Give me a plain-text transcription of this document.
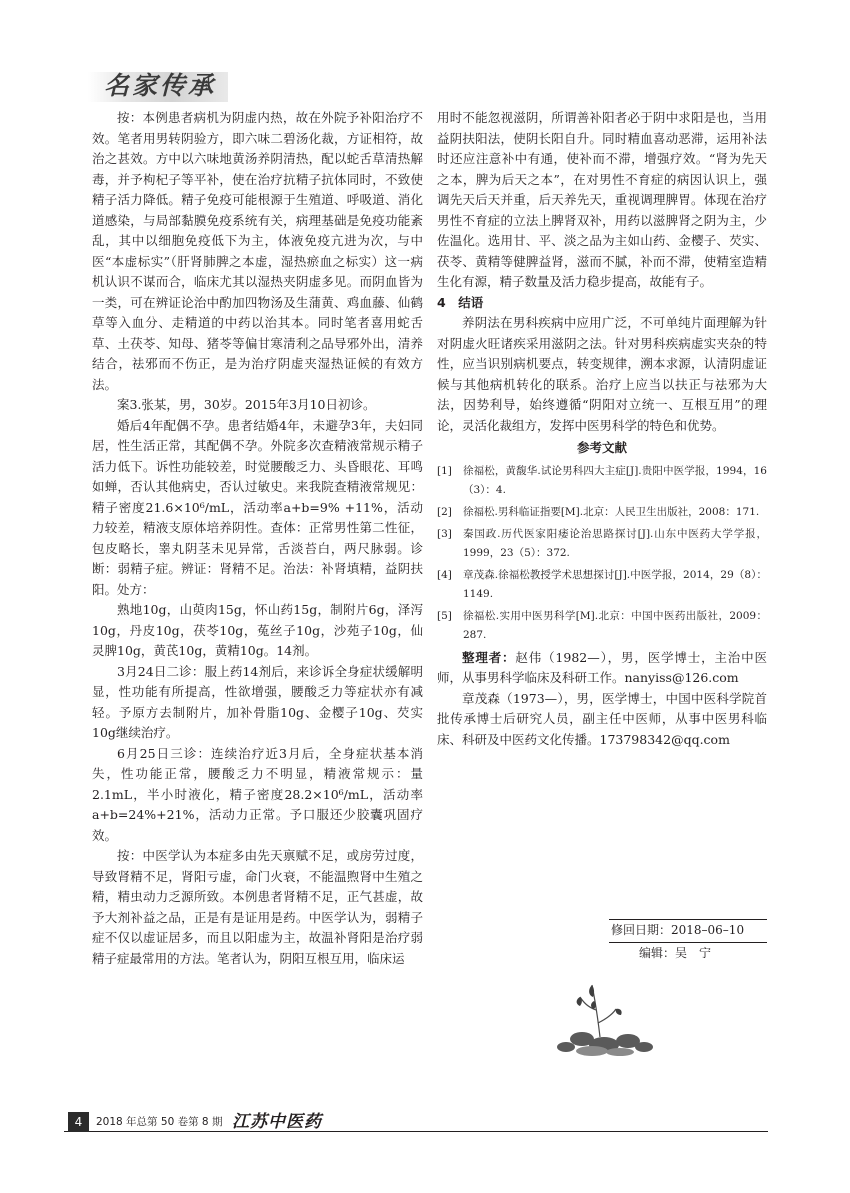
名家传承

按：本例患者病机为阴虚内热，故在外院予补阳治疗不效。笔者用男转阴验方，即六味二碧汤化裁，方证相符，故治之甚效。方中以六味地黄汤养阴清热，配以蛇舌草清热解毒，并予枸杞子等平补，使在治疗抗精子抗体同时，不致使精子活力降低。精子免疫可能根源于生殖道、呼吸道、消化道感染，与局部黏膜免疫系统有关，病理基础是免疫功能紊乱，其中以细胞免疫低下为主，体液免疫亢进为次，与中医“本虚标实”（肝肾肺脾之本虚，湿热瘀血之标实）这一病机认识不谋而合，临床尤其以湿热夹阴虚多见。而阴血皆为一类，可在辨证论治中酌加四物汤及生蒲黄、鸡血藤、仙鹤草等入血分、走精道的中药以治其本。同时笔者喜用蛇舌草、土茯苓、知母、猪苓等偏甘寒清利之品导邪外出，清养结合，祛邪而不伤正，是为治疗阴虚夹湿热证候的有效方法。

案3.张某，男，30岁。2015年3月10日初诊。

婚后4年配偶不孕。患者结婚4年，未避孕3年，夫妇同居，性生活正常，其配偶不孕。外院多次查精液常规示精子活力低下。诉性功能较差，时觉腰酸乏力、头昏眼花、耳鸣如蝉，否认其他病史，否认过敏史。来我院查精液常规见：精子密度21.6×10⁶/mL，活动率a+b=9% +11%，活动力较差，精液支原体培养阴性。查体：正常男性第二性征，包皮略长，睾丸阴茎未见异常，舌淡苔白，两尺脉弱。诊断：弱精子症。辨证：肾精不足。治法：补肾填精，益阴扶阳。处方：

熟地10g，山萸肉15g，怀山药15g，制附片6g，泽泻10g，丹皮10g，茯苓10g，菟丝子10g，沙苑子10g，仙灵脾10g，黄芪10g，黄精10g。14剂。

3月24日二诊：服上药14剂后，来诊诉全身症状缓解明显，性功能有所提高，性欲增强，腰酸乏力等症状亦有减轻。予原方去制附片，加补骨脂10g、金樱子10g、芡实10g继续治疗。

6月25日三诊：连续治疗近3月后，全身症状基本消失，性功能正常，腰酸乏力不明显，精液常规示：量2.1mL，半小时液化，精子密度28.2×10⁶/mL，活动率a+b=24%+21%，活动力正常。予口服还少胶囊巩固疗效。

按：中医学认为本症多由先天禀赋不足，或房劳过度，导致肾精不足，肾阳亏虚，命门火衰，不能温煦肾中生殖之精，精虫动力乏源所致。本例患者肾精不足，正气甚虚，故予大剂补益之品，正是有是证用是药。中医学认为，弱精子症不仅以虚证居多，而且以阳虚为主，故温补肾阳是治疗弱精子症最常用的方法。笔者认为，阴阳互根互用，临床运

用时不能忽视滋阴，所谓善补阳者必于阴中求阳是也，当用益阴扶阳法，使阴长阳自升。同时精血喜动恶滞，运用补法时还应注意补中有通，使补而不滞，增强疗效。“肾为先天之本，脾为后天之本”，在对男性不育症的病因认识上，强调先天后天并重，后天养先天，重视调理脾胃。体现在治疗男性不育症的立法上脾肾双补，用药以滋脾肾之阴为主，少佐温化。选用甘、平、淡之品为主如山药、金樱子、芡实、茯苓、黄精等健脾益肾，滋而不腻，补而不滞，使精室造精生化有源，精子数量及活力稳步提高，故能有子。

4　结语

养阴法在男科疾病中应用广泛，不可单纯片面理解为针对阴虚火旺诸疾采用滋阴之法。针对男科疾病虚实夹杂的特性，应当识别病机要点，转变规律，溯本求源，认清阴虚证候与其他病机转化的联系。治疗上应当以扶正与祛邪为大法，因势利导，始终遵循“阴阳对立统一、互根互用”的理论，灵活化裁组方，发挥中医男科学的特色和优势。

参考文献

[1]	徐福松，黄馥华.试论男科四大主症[J].贵阳中医学报，1994，16（3）：4.
[2]	徐福松.男科临证指要[M].北京：人民卫生出版社，2008：171.
[3]	秦国政.历代医家阳痿论治思路探讨[J].山东中医药大学学报，1999，23（5）：372.
[4]	章茂森.徐福松教授学术思想探讨[J].中医学报，2014，29（8）：1149.
[5]	徐福松.实用中医男科学[M].北京：中国中医药出版社，2009：287.

整理者：赵伟（1982—），男，医学博士，主治中医师，从事男科学临床及科研工作。nanyiss@126.com

章茂森（1973—），男，医学博士，中国中医科学院首批传承博士后研究人员，副主任中医师，从事中医男科临床、科研及中医药文化传播。173798342@qq.com

修回日期：2018–06–10
编辑：吴　宁
4	2018 年总第 50 卷第 8 期 江苏中医药
